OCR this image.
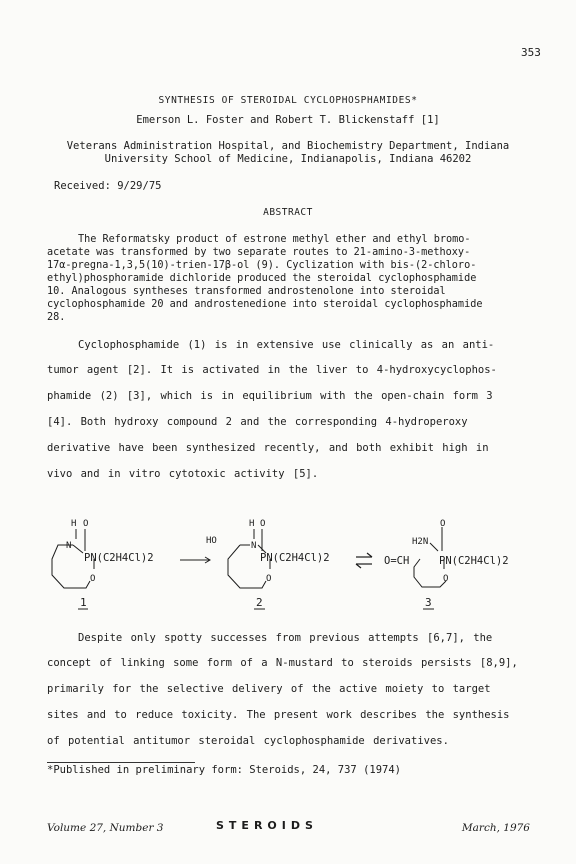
353
SYNTHESIS OF STEROIDAL CYCLOPHOSPHAMIDES*
Emerson L. Foster and Robert T. Blickenstaff [1]
Veterans Administration Hospital, and Biochemistry Department, Indiana
University School of Medicine, Indianapolis, Indiana 46202
Received: 9/29/75
ABSTRACT
The Reformatsky product of estrone methyl ether and ethyl bromo-
acetate was transformed by two separate routes to 21-amino-3-methoxy-
17α-pregna-1,3,5(10)-trien-17β-ol (9). Cyclization with bis-(2-chloro-
ethyl)phosphoramide dichloride produced the steroidal cyclophosphamide
10. Analogous syntheses transformed androstenolone into steroidal
cyclophosphamide 20 and androstenedione into steroidal cyclophosphamide
28.
Cyclophosphamide (1) is in extensive use clinically as an anti-
tumor agent [2]. It is activated in the liver to 4-hydroxycyclophos-
phamide (2) [3], which is in equilibrium with the open-chain form 3
[4]. Both hydroxy compound 2 and the corresponding 4-hydroperoxy
derivative have been synthesized recently, and both exhibit high in
vivo and in vitro cytotoxic activity [5].
H O
N
PN(C2H4Cl)2
O
HO
H O
N
PN(C2H4Cl)2
O
H2N
O
O=CH	PN(C2H4Cl)2
O
1	2	3
Despite only spotty successes from previous attempts [6,7], the
concept of linking some form of a N-mustard to steroids persists [8,9],
primarily for the selective delivery of the active moiety to target
sites and to reduce toxicity. The present work describes the synthesis
of potential antitumor steroidal cyclophosphamide derivatives.
*Published in preliminary form: Steroids, 24, 737 (1974)
Volume 27, Number 3	STEROIDS	March, 1976
